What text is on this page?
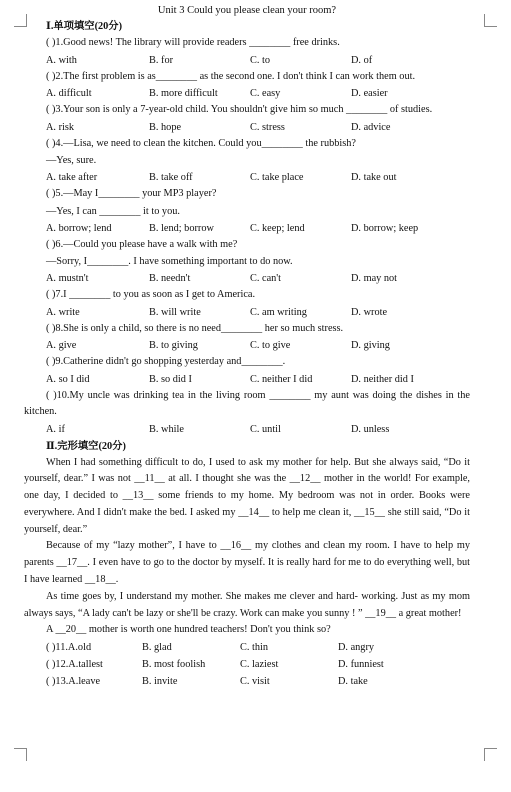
Unit 3 Could you please clean your room?
Ⅰ.单项填空(20分)
( )1.Good news! The library will provide readers ________ free drinks.
A. with	B. for	C. to	D. of
( )2.The first problem is as________ as the second one. I don't think I can work them out.
A. difficult	B. more difficult	C. easy	D. easier
( )3.Your son is only a 7-year-old child. You shouldn't give him so much ________ of studies.
A. risk	B. hope	C. stress	D. advice
( )4.—Lisa, we need to clean the kitchen. Could you________ the rubbish?
—Yes, sure.
A. take after	B. take off	C. take place	D. take out
( )5.—May I________ your MP3 player?
—Yes, I can ________ it to you.
A. borrow; lend	B. lend; borrow	C. keep; lend	D. borrow; keep
( )6.—Could you please have a walk with me?
—Sorry, I________. I have something important to do now.
A. mustn't	B. needn't	C. can't	D. may not
( )7.I ________ to you as soon as I get to America.
A. write	B. will write	C. am writing	D. wrote
( )8.She is only a child, so there is no need________ her so much stress.
A. give	B. to giving	C. to give	D. giving
( )9.Catherine didn't go shopping yesterday and________.
A. so I did	B. so did I	C. neither I did	D. neither did I
( )10.My uncle was drinking tea in the living room ________ my aunt was doing the dishes in the kitchen.
A. if	B. while	C. until	D. unless
Ⅱ.完形填空(20分)

When I had something difficult to do, I used to ask my mother for help. But she always said, “Do it yourself, dear.” I was not __11__ at all. I thought she was the __12__ mother in the world! For example, one day, I decided to __13__ some friends to my home. My bedroom was not in order. Books were everywhere. And I didn't make the bed. I asked my __14__ to help me clean it, __15__ she still said, “Do it yourself, dear.”

Because of my “lazy mother”, I have to __16__ my clothes and clean my room. I have to help my parents __17__. I even have to go to the doctor by myself. It is really hard for me to do everything well, but I have learned __18__.

As time goes by, I understand my mother. She makes me clever and hard- working. Just as my mom always says, “A lady can't be lazy or she'll be crazy. Work can make you sunny ! ” __19__ a great mother!

A __20__ mother is worth one hundred teachers! Don't you think so?

( )11.A.old	B. glad	C. thin	D. angry
( )12.A.tallest	B. most foolish	C. laziest	D. funniest
( )13.A.leave	B. invite	C. visit	D. take
